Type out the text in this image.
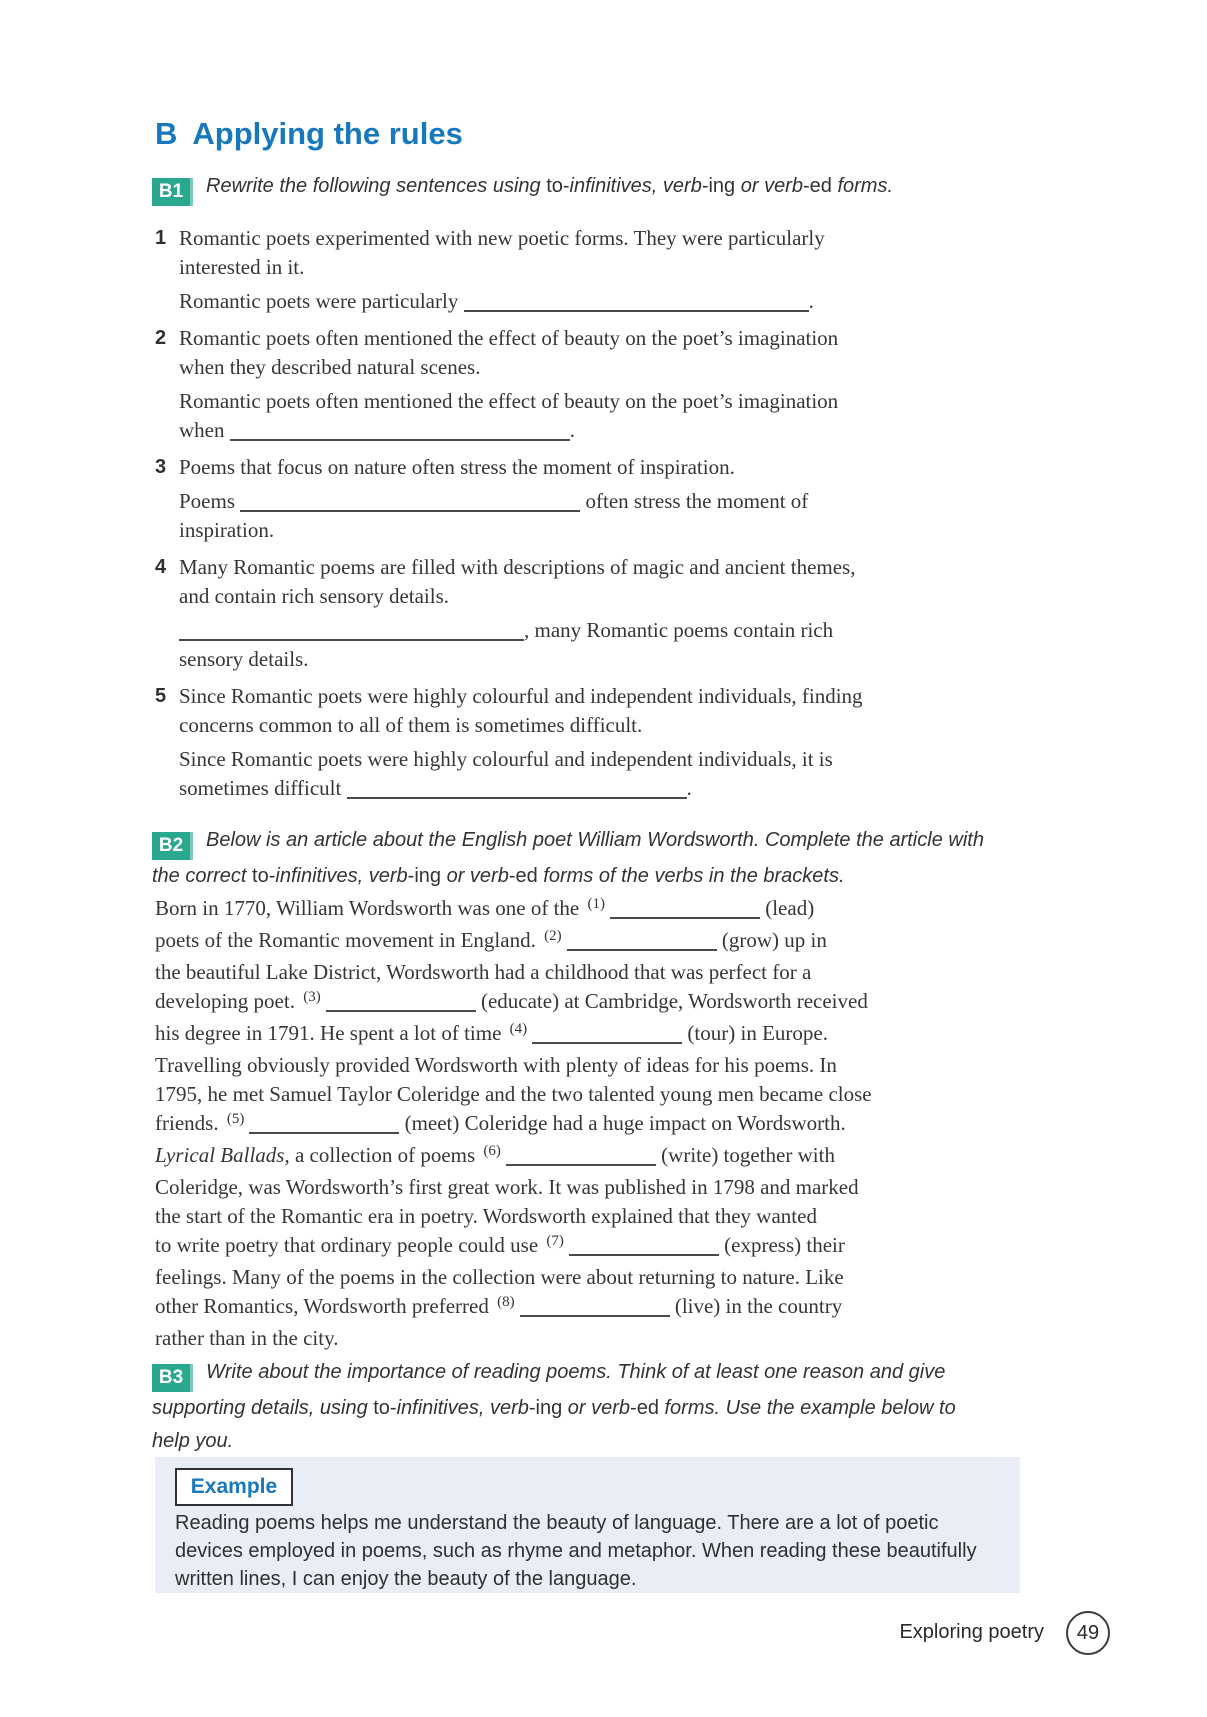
B Applying the rules
B1 Rewrite the following sentences using to-infinitives, verb-ing or verb-ed forms.
1 Romantic poets experimented with new poetic forms. They were particularly
interested in it.
Romantic poets were particularly	.
2 Romantic poets often mentioned the effect of beauty on the poet’s imagination
when they described natural scenes.
Romantic poets often mentioned the effect of beauty on the poet’s imagination
when	.
3 Poems that focus on nature often stress the moment of inspiration.
Poems	often stress the moment of
inspiration.
4 Many Romantic poems are filled with descriptions of magic and ancient themes,
and contain rich sensory details.
, many Romantic poems contain rich
sensory details.
5 Since Romantic poets were highly colourful and independent individuals, finding
concerns common to all of them is sometimes difficult.
Since Romantic poets were highly colourful and independent individuals, it is
sometimes difficult	.
B2 Below is an article about the English poet William Wordsworth. Complete the article with
the correct to-infinitives, verb-ing or verb-ed forms of the verbs in the brackets.
Born in 1770, William Wordsworth was one of the $^{(1)}$	(lead)
poets of the Romantic movement in England. $^{(2)}$	(grow) up in
the beautiful Lake District, Wordsworth had a childhood that was perfect for a
developing poet. $^{(3)}$	(educate) at Cambridge, Wordsworth received
his degree in 1791. He spent a lot of time $^{(4)}$	(tour) in Europe.
Travelling obviously provided Wordsworth with plenty of ideas for his poems. In
1795, he met Samuel Taylor Coleridge and the two talented young men became close
friends. $^{(5)}$	(meet) Coleridge had a huge impact on Wordsworth.
Lyrical Ballads, a collection of poems $^{(6)}$	(write) together with
Coleridge, was Wordsworth’s first great work. It was published in 1798 and marked
the start of the Romantic era in poetry. Wordsworth explained that they wanted
to write poetry that ordinary people could use $^{(7)}$	(express) their
feelings. Many of the poems in the collection were about returning to nature. Like
other Romantics, Wordsworth preferred $^{(8)}$	(live) in the country
rather than in the city.
B3 Write about the importance of reading poems. Think of at least one reason and give
supporting details, using to-infinitives, verb-ing or verb-ed forms. Use the example below to
help you.
Example
Reading poems helps me understand the beauty of language. There are a lot of poetic
devices employed in poems, such as rhyme and metaphor. When reading these beautifully
written lines, I can enjoy the beauty of the language.
Exploring poetry 49
